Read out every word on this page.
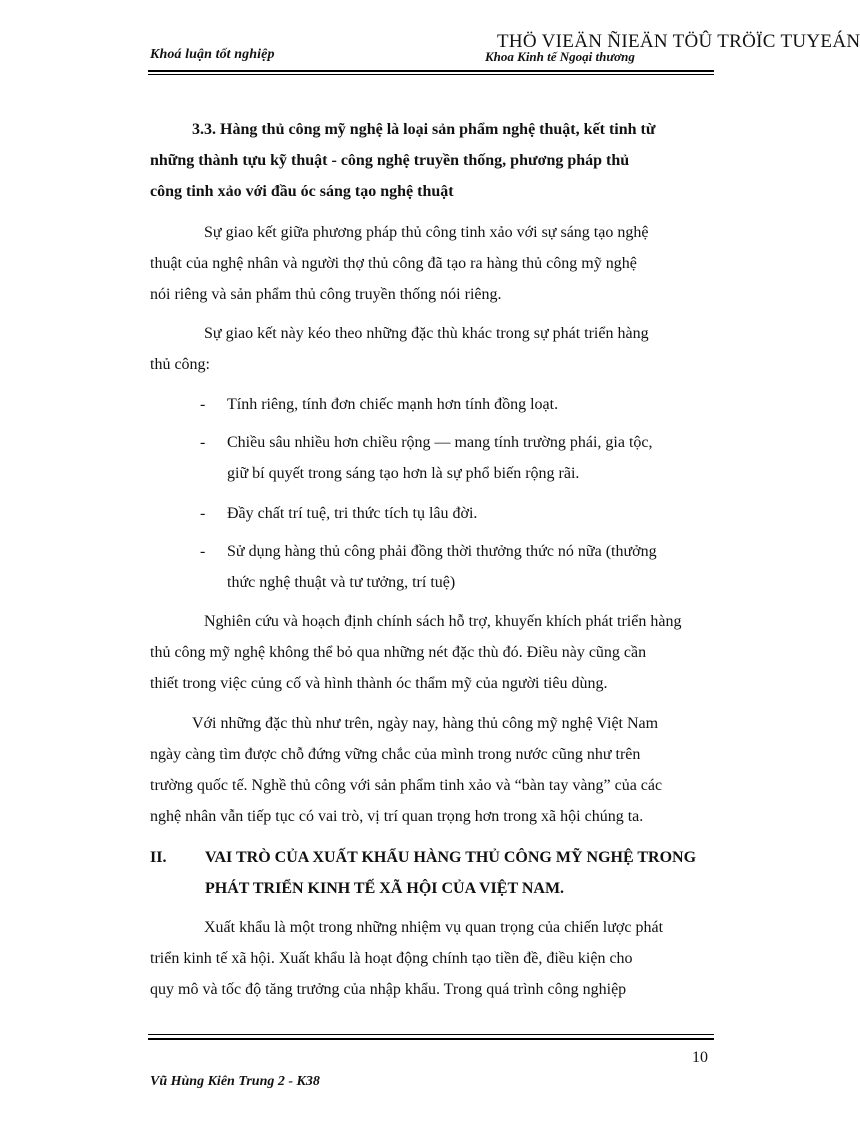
Khoá luận tốt nghiệp
THÖ VIEÄN ÑIEÄN TÖÛ TRÖÏC TUYEÁN
Khoa Kinh tế Ngoại thương
3.3. Hàng thủ công mỹ nghệ là loại sản phẩm nghệ thuật, kết tinh từ
những thành tựu kỹ thuật - công nghệ truyền thống, phương pháp thủ
công tinh xảo với đầu óc sáng tạo nghệ thuật
Sự giao kết giữa phương pháp thủ công tinh xảo với sự sáng tạo nghệ
thuật của nghệ nhân và người thợ thủ công đã tạo ra hàng thủ công mỹ nghệ
nói riêng và sản phẩm thủ công truyền thống nói riêng.
Sự giao kết này kéo theo những đặc thù khác trong sự phát triển hàng
thủ công:
- Tính riêng, tính đơn chiếc mạnh hơn tính đồng loạt.
- Chiều sâu nhiều hơn chiều rộng — mang tính trường phái, gia tộc,
giữ bí quyết trong sáng tạo hơn là sự phổ biến rộng rãi.
- Đầy chất trí tuệ, tri thức tích tụ lâu đời.
- Sử dụng hàng thủ công phải đồng thời thưởng thức nó nữa (thưởng
thức nghệ thuật và tư tưởng, trí tuệ)
Nghiên cứu và hoạch định chính sách hỗ trợ, khuyến khích phát triển hàng
thủ công mỹ nghệ không thể bỏ qua những nét đặc thù đó. Điều này cũng cần
thiết trong việc củng cố và hình thành óc thẩm mỹ của người tiêu dùng.
Với những đặc thù như trên, ngày nay, hàng thủ công mỹ nghệ Việt Nam
ngày càng tìm được chỗ đứng vững chắc của mình trong nước cũng như trên
trường quốc tế. Nghề thủ công với sản phẩm tinh xảo và “bàn tay vàng” của các
nghệ nhân vẫn tiếp tục có vai trò, vị trí quan trọng hơn trong xã hội chúng ta.
II.	VAI TRÒ CỦA XUẤT KHẨU HÀNG THỦ CÔNG MỸ NGHỆ TRONG
PHÁT TRIỂN KINH TẾ XÃ HỘI CỦA VIỆT NAM.
Xuất khẩu là một trong những nhiệm vụ quan trọng của chiến lược phát
triển kinh tế xã hội. Xuất khẩu là hoạt động chính tạo tiền đề, điều kiện cho
quy mô và tốc độ tăng trưởng của nhập khẩu. Trong quá trình công nghiệp
10
Vũ Hùng Kiên Trung 2 - K38
